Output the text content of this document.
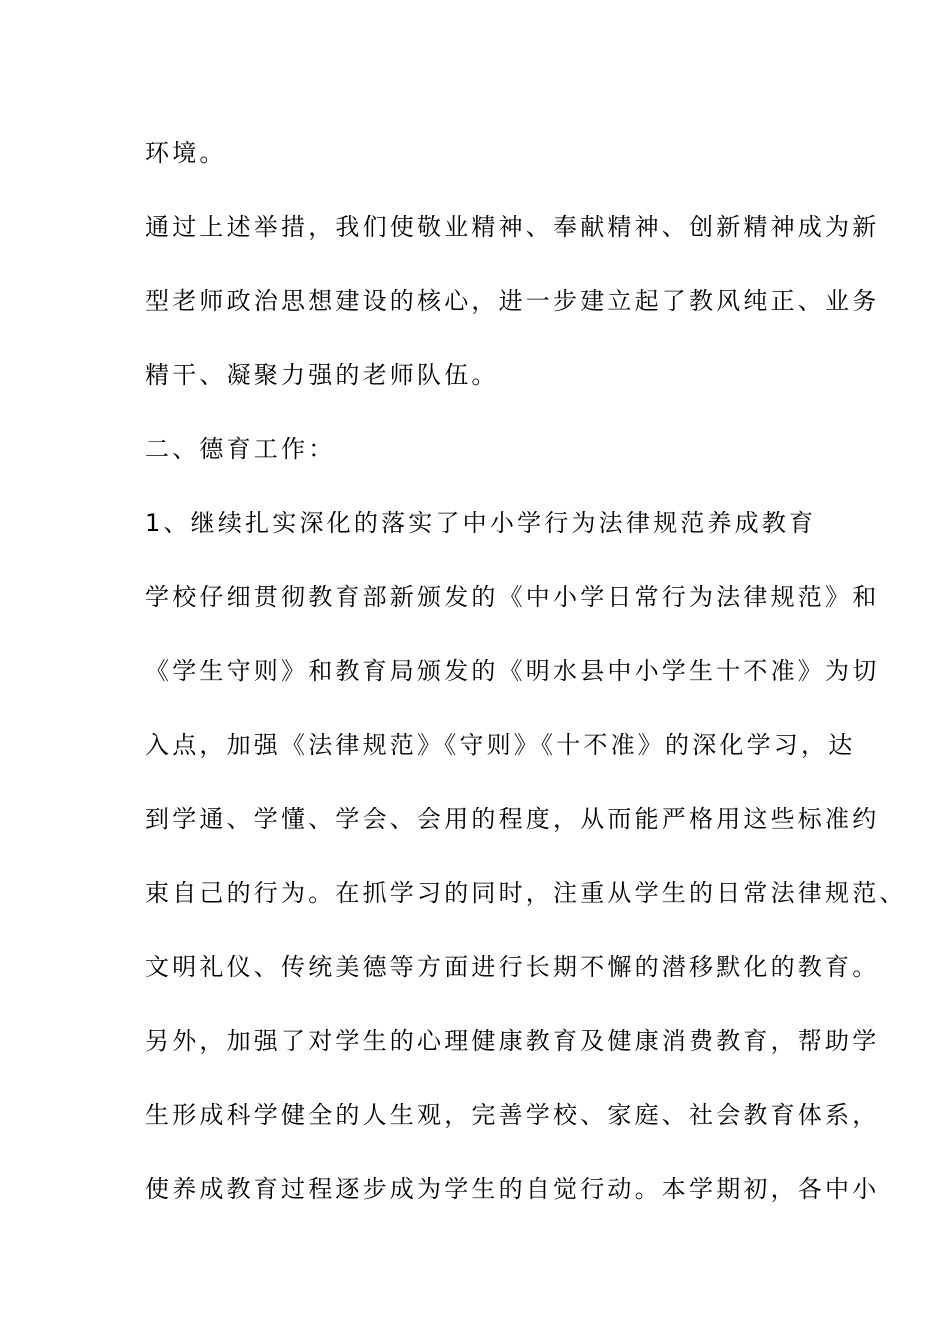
环境。
通过上述举措，我们使敬业精神、奉献精神、创新精神成为新
型老师政治思想建设的核心，进一步建立起了教风纯正、业务
精干、凝聚力强的老师队伍。
二、德育工作：
1、继续扎实深化的落实了中小学行为法律规范养成教育
学校仔细贯彻教育部新颁发的《中小学日常行为法律规范》和
《学生守则》和教育局颁发的《明水县中小学生十不准》为切
入点，加强《法律规范》《守则》《十不准》的深化学习，达
到学通、学懂、学会、会用的程度，从而能严格用这些标准约
束自己的行为。在抓学习的同时，注重从学生的日常法律规范、
文明礼仪、传统美德等方面进行长期不懈的潜移默化的教育。
另外，加强了对学生的心理健康教育及健康消费教育，帮助学
生形成科学健全的人生观，完善学校、家庭、社会教育体系，
使养成教育过程逐步成为学生的自觉行动。本学期初，各中小
